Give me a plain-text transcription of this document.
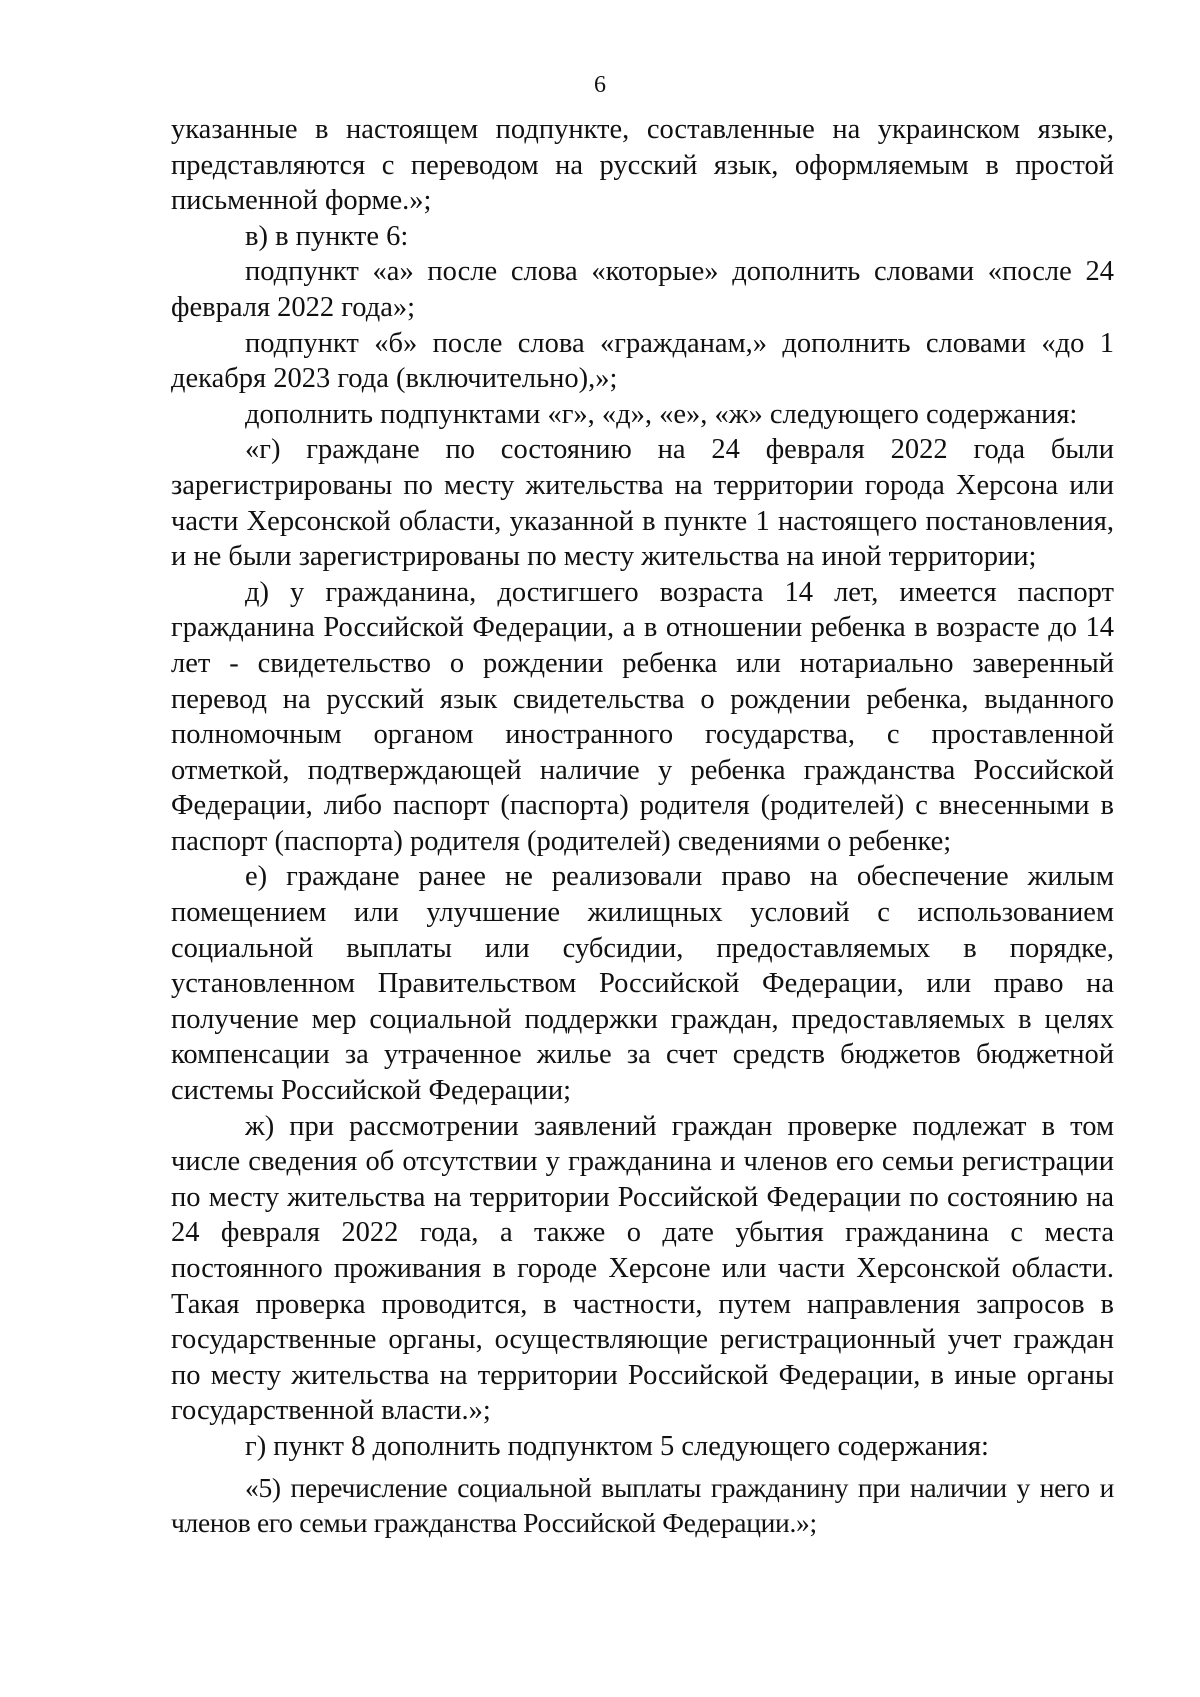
6

указанные в настоящем подпункте, составленные на украинском языке, представляются с переводом на русский язык, оформляемым в простой письменной форме.»;

в) в пункте 6:

подпункт «а» после слова «которые» дополнить словами «после 24 февраля 2022 года»;

подпункт «б» после слова «гражданам,» дополнить словами «до 1 декабря 2023 года (включительно),»;

дополнить подпунктами «г», «д», «е», «ж» следующего содержания:

«г) граждане по состоянию на 24 февраля 2022 года были зарегистрированы по месту жительства на территории города Херсона или части Херсонской области, указанной в пункте 1 настоящего постановления, и не были зарегистрированы по месту жительства на иной территории;

д) у гражданина, достигшего возраста 14 лет, имеется паспорт гражданина Российской Федерации, а в отношении ребенка в возрасте до 14 лет - свидетельство о рождении ребенка или нотариально заверенный перевод на русский язык свидетельства о рождении ребенка, выданного полномочным органом иностранного государства, с проставленной отметкой, подтверждающей наличие у ребенка гражданства Российской Федерации, либо паспорт (паспорта) родителя (родителей) с внесенными в паспорт (паспорта) родителя (родителей) сведениями о ребенке;

е) граждане ранее не реализовали право на обеспечение жилым помещением или улучшение жилищных условий с использованием социальной выплаты или субсидии, предоставляемых в порядке, установленном Правительством Российской Федерации, или право на получение мер социальной поддержки граждан, предоставляемых в целях компенсации за утраченное жилье за счет средств бюджетов бюджетной системы Российской Федерации;

ж) при рассмотрении заявлений граждан проверке подлежат в том числе сведения об отсутствии у гражданина и членов его семьи регистрации по месту жительства на территории Российской Федерации по состоянию на 24 февраля 2022 года, а также о дате убытия гражданина с места постоянного проживания в городе Херсоне или части Херсонской области. Такая проверка проводится, в частности, путем направления запросов в государственные органы, осуществляющие регистрационный учет граждан по месту жительства на территории Российской Федерации, в иные органы государственной власти.»;

г) пункт 8 дополнить подпунктом 5 следующего содержания:

«5) перечисление социальной выплаты гражданину при наличии у него и членов его семьи гражданства Российской Федерации.»;
